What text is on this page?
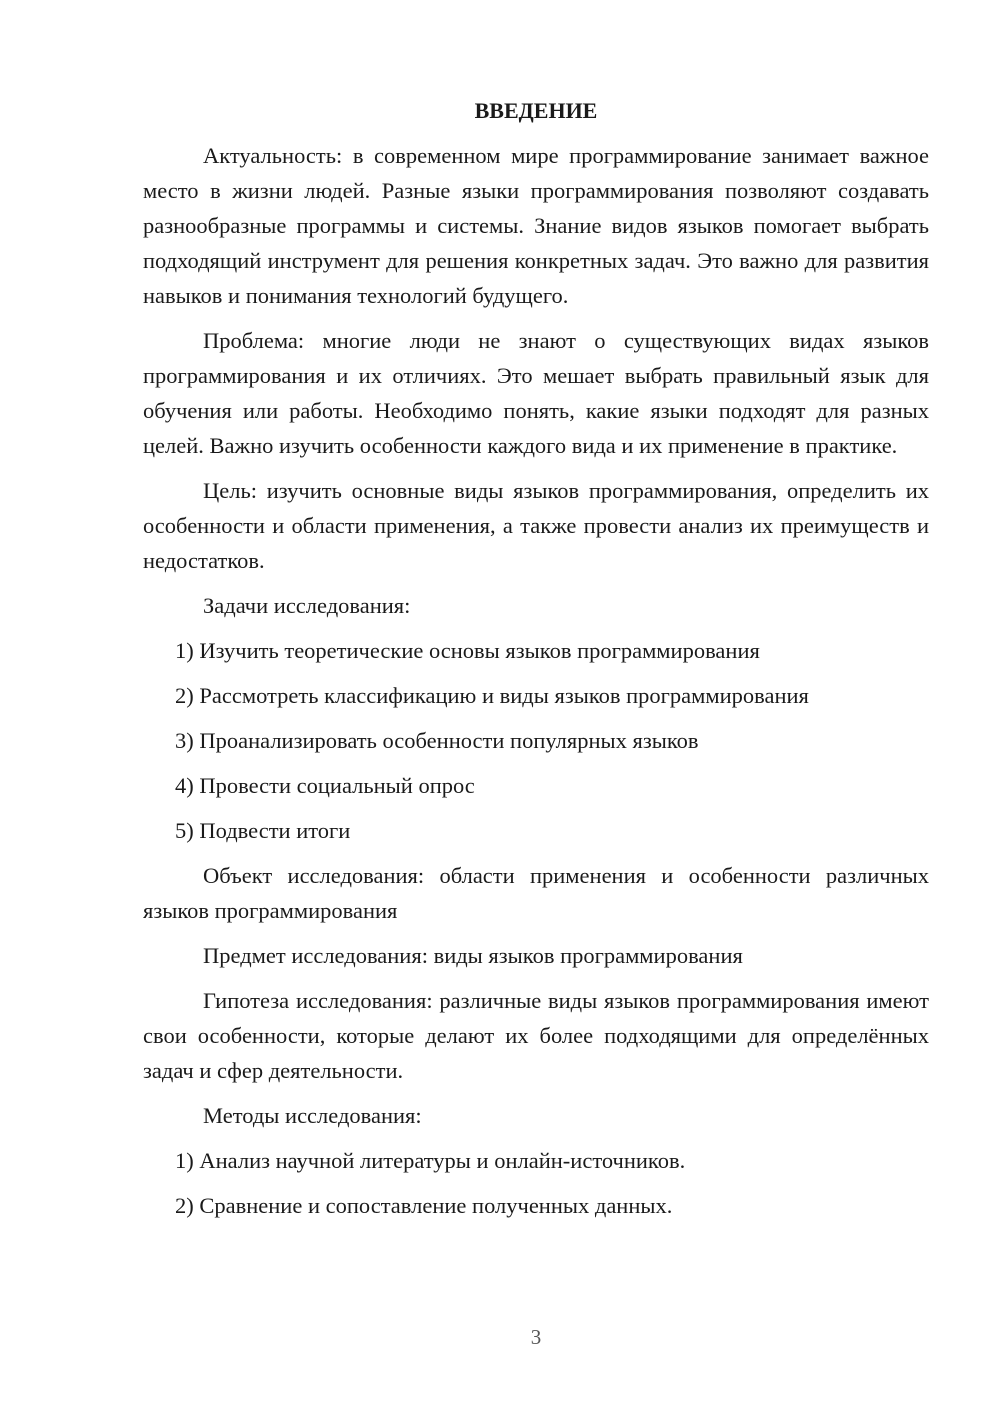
ВВЕДЕНИЕ

Актуальность: в современном мире программирование занимает важное место в жизни людей. Разные языки программирования позволяют создавать разнообразные программы и системы. Знание видов языков помогает выбрать подходящий инструмент для решения конкретных задач. Это важно для развития навыков и понимания технологий будущего.

Проблема: многие люди не знают о существующих видах языков программирования и их отличиях. Это мешает выбрать правильный язык для обучения или работы. Необходимо понять, какие языки подходят для разных целей. Важно изучить особенности каждого вида и их применение в практике.

Цель: изучить основные виды языков программирования, определить их особенности и области применения, а также провести анализ их преимуществ и недостатков.

Задачи исследования:

1) Изучить теоретические основы языков программирования
2) Рассмотреть классификацию и виды языков программирования
3) Проанализировать особенности популярных языков
4) Провести социальный опрос
5) Подвести итоги

Объект исследования: области применения и особенности различных языков программирования

Предмет исследования: виды языков программирования

Гипотеза исследования: различные виды языков программирования имеют свои особенности, которые делают их более подходящими для определённых задач и сфер деятельности.

Методы исследования:

1) Анализ научной литературы и онлайн-источников.
2) Сравнение и сопоставление полученных данных.
3
